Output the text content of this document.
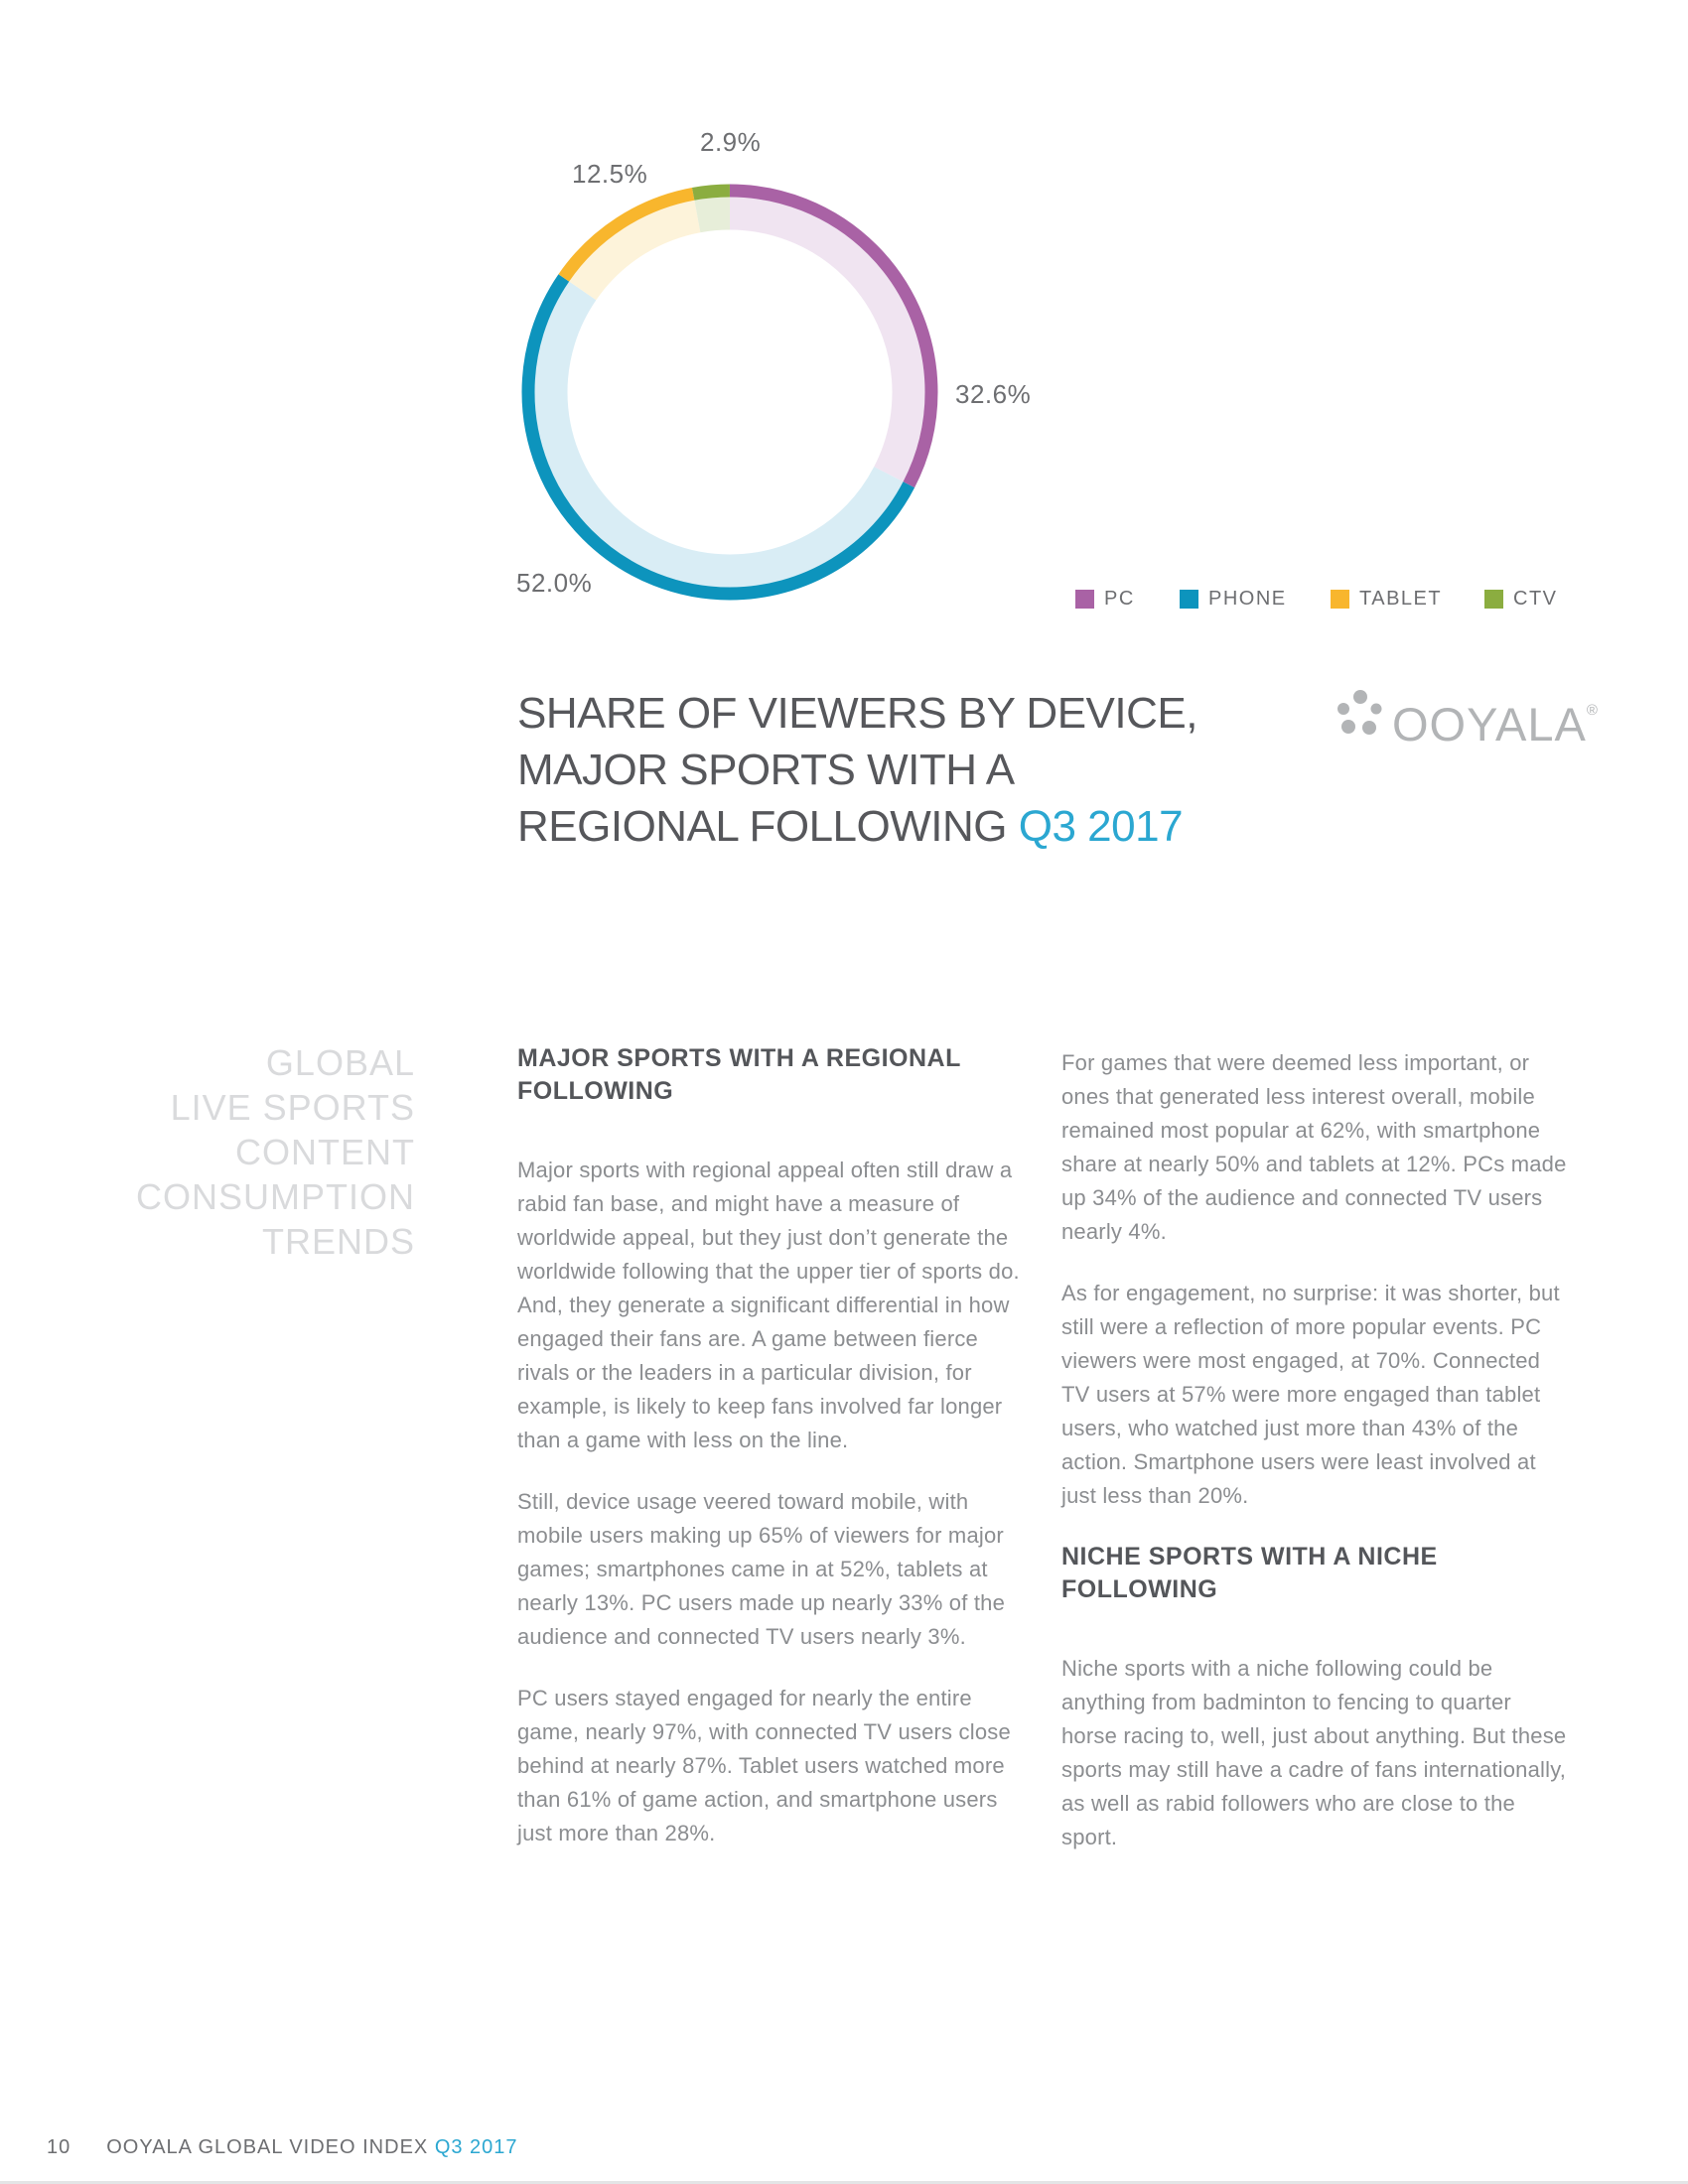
2.9%
12.5%
32.6%
52.0%
PC	PHONE	TABLET	CTV
SHARE OF VIEWERS BY DEVICE,
MAJOR SPORTS WITH A
REGIONAL FOLLOWING Q3 2017
OOYALA®
GLOBAL
LIVE SPORTS
CONTENT
CONSUMPTION
TRENDS
MAJOR SPORTS WITH A REGIONAL FOLLOWING

Major sports with regional appeal often still draw a rabid fan base, and might have a measure of worldwide appeal, but they just don’t generate the worldwide following that the upper tier of sports do. And, they generate a significant differential in how engaged their fans are. A game between fierce rivals or the leaders in a particular division, for example, is likely to keep fans involved far longer than a game with less on the line.

Still, device usage veered toward mobile, with mobile users making up 65% of viewers for major games; smartphones came in at 52%, tablets at nearly 13%. PC users made up nearly 33% of the audience and connected TV users nearly 3%.

PC users stayed engaged for nearly the entire game, nearly 97%, with connected TV users close behind at nearly 87%. Tablet users watched more than 61% of game action, and smartphone users just more than 28%.

For games that were deemed less important, or ones that generated less interest overall, mobile remained most popular at 62%, with smartphone share at nearly 50% and tablets at 12%. PCs made up 34% of the audience and connected TV users nearly 4%.

As for engagement, no surprise: it was shorter, but still were a reflection of more popular events. PC viewers were most engaged, at 70%. Connected TV users at 57% were more engaged than tablet users, who watched just more than 43% of the action. Smartphone users were least involved at just less than 20%.

NICHE SPORTS WITH A NICHE FOLLOWING

Niche sports with a niche following could be anything from badminton to fencing to quarter horse racing to, well, just about anything. But these sports may still have a cadre of fans internationally, as well as rabid followers who are close to the sport.

10 OOYALA GLOBAL VIDEO INDEX Q3 2017
